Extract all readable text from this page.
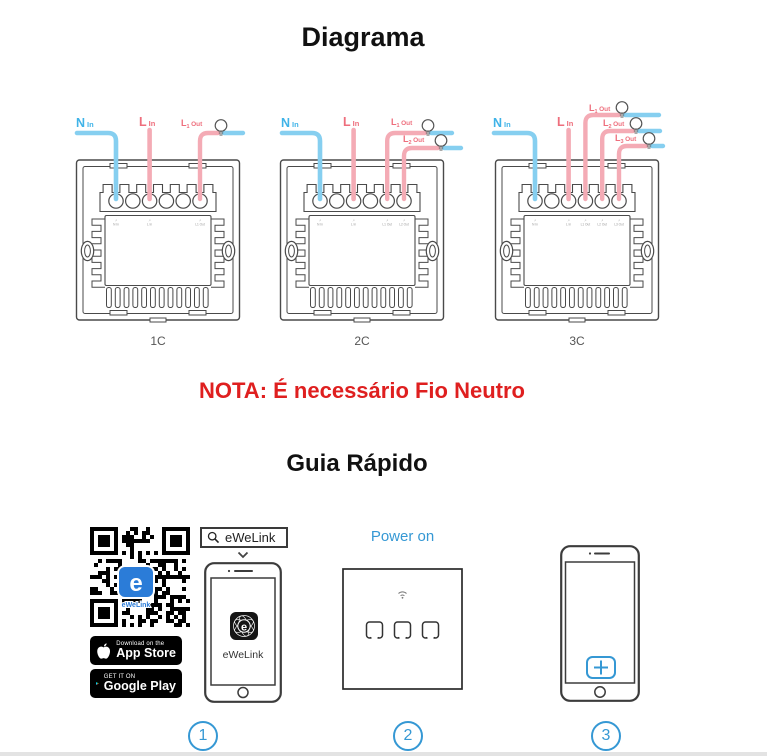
Diagrama
↗
N In
↗
L In
↗
L1 Out
$L_1$ $^{Out}$
N In	L In
↗
N In
↗
L In
↗
L1 Out
↗
L2 Out
$L_1$ $^{Out}$
$L_2$ $^{Out}$
N In	L In
↗
N In
↗
L In
↗
L1 Out
↗
L2 Out
↗
L3 Out
$L_1$ $^{Out}$
$L_2$ $^{Out}$
$L_3$ $^{Out}$
N In	L In
1C	2C	3C
NOTA: É necessário Fio Neutro
Guia Rápido
e
eWeLink
Download on the
App Store
GET IT ON
Google Play
eWeLink
e
eWeLink
Power on
1	2	3
